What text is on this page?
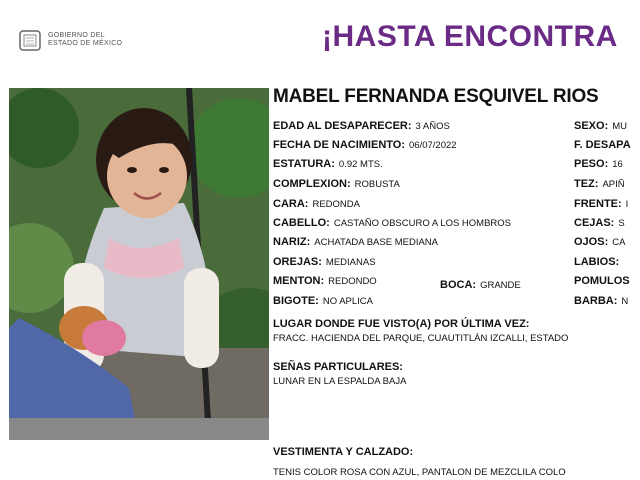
GOBIERNO DEL
ESTADO DE MÉXICO	¡HASTA ENCONTRA
MABEL FERNANDA ESQUIVEL RIOS
EDAD AL DESAPARECER: 3 AÑOS
FECHA DE NACIMIENTO: 06/07/2022
ESTATURA: 0.92 MTS.
COMPLEXION: ROBUSTA
CARA: REDONDA
CABELLO: CASTAÑO OBSCURO A LOS HOMBROS
NARIZ: ACHATADA BASE MEDIANA
OREJAS: MEDIANAS
MENTON: REDONDO
BIGOTE: NO APLICA
BOCA: GRANDE
SEXO: MU
F. DESAPA
PESO: 16
TEZ: APIÑ
FRENTE: I
CEJAS: S
OJOS: CA
LABIOS:
POMULOS
BARBA: N
LUGAR DONDE FUE VISTO(A) POR ÚLTIMA VEZ:
FRACC. HACIENDA DEL PARQUE, CUAUTITLÁN IZCALLI, ESTADO
SEÑAS PARTICULARES:
LUNAR EN LA ESPALDA BAJA
VESTIMENTA Y CALZADO:
TENIS COLOR ROSA CON AZUL, PANTALON DE MEZCLILA COLO
